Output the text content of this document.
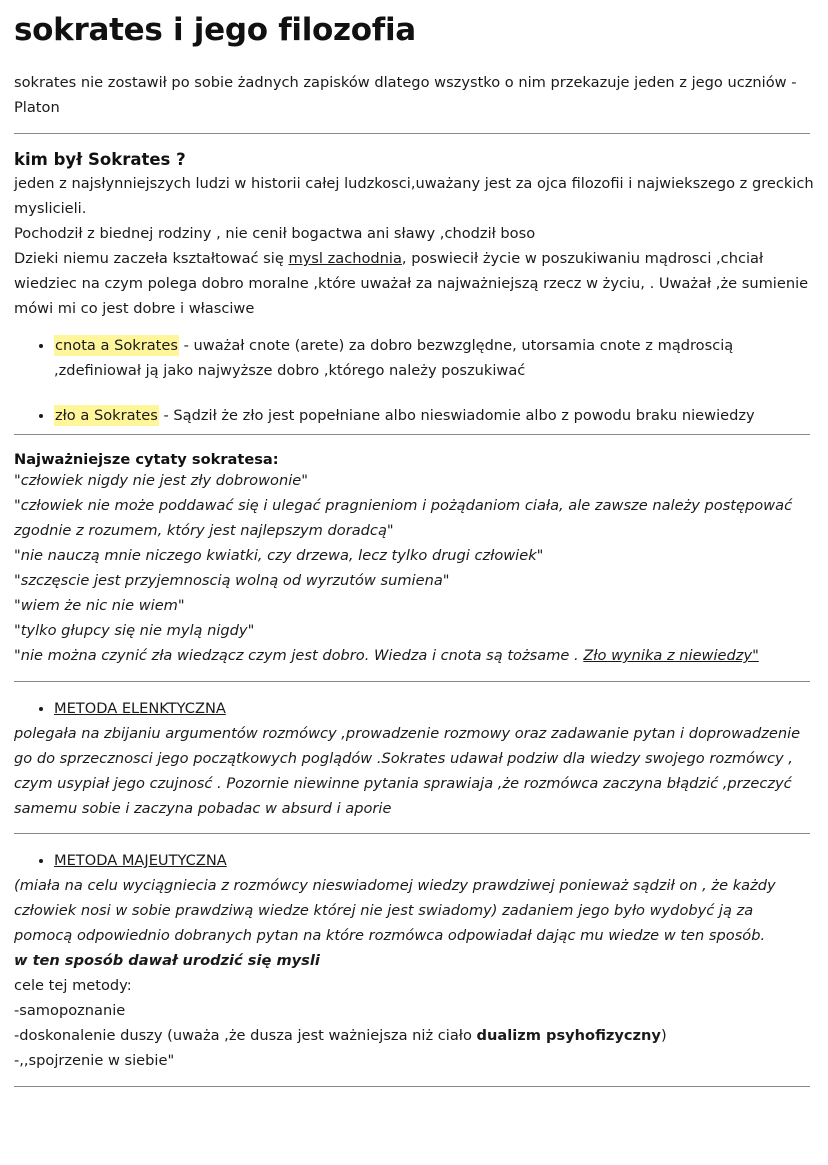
sokrates i jego filozofia

sokrates nie zostawił po sobie żadnych zapisków dlatego wszystko o nim przekazuje jeden z jego uczniów - Platon

kim był Sokrates ?

jeden z najsłynniejszych ludzi w historii całej ludzkosci,uważany jest za ojca filozofii i najwiekszego z greckich myslicieli.

Pochodził z biednej rodziny , nie cenił bogactwa ani sławy ,chodził boso

Dzieki niemu zaczeła kształtować się mysl zachodnia, poswiecił życie w poszukiwaniu mądrosci ,chciał wiedziec na czym polega dobro moralne ,które uważał za najważniejszą rzecz w życiu, . Uważał ,że sumienie mówi mi co jest dobre i własciwe

• cnota a Sokrates - uważał cnote (arete) za dobro bezwzględne, utorsamia cnote z mądroscią ,zdefiniował ją jako najwyższe dobro ,którego należy poszukiwać
• zło a Sokrates - Sądził że zło jest popełniane albo nieswiadomie albo z powodu braku niewiedzy
Najważniejsze cytaty sokratesa:

"człowiek nigdy nie jest zły dobrowonie"

"człowiek nie może poddawać się i ulegać pragnieniom i pożądaniom ciała, ale zawsze należy postępować zgodnie z rozumem, który jest najlepszym doradcą"

"nie nauczą mnie niczego kwiatki, czy drzewa, lecz tylko drugi człowiek"

"szczęscie jest przyjemnoscią wolną od wyrzutów sumiena"

"wiem że nic nie wiem"

"tylko głupcy się nie mylą nigdy"

"nie można czynić zła wiedzącz czym jest dobro. Wiedza i cnota są tożsame . Zło wynika z niewiedzy"

• METODA ELENKTYCZNA

polegała na zbijaniu argumentów rozmówcy ,prowadzenie rozmowy oraz zadawanie pytan i doprowadzenie go do sprzecznosci jego początkowych poglądów .Sokrates udawał podziw dla wiedzy swojego rozmówcy , czym usypiał jego czujnosć . Pozornie niewinne pytania sprawiaja ,że rozmówca zaczyna błądzić ,przeczyć samemu sobie i zaczyna pobadac w absurd i aporie

• METODA MAJEUTYCZNA

(miała na celu wyciągniecia z rozmówcy nieswiadomej wiedzy prawdziwej ponieważ sądził on , że każdy człowiek nosi w sobie prawdziwą wiedze której nie jest swiadomy) zadaniem jego było wydobyć ją za pomocą odpowiednio dobranych pytan na które rozmówca odpowiadał dając mu wiedze w ten sposób.

w ten sposób dawał urodzić się mysli

cele tej metody:

-samopoznanie

-doskonalenie duszy (uważa ,że dusza jest ważniejsza niż ciało dualizm psyhofizyczny)

-,,spojrzenie w siebie"
